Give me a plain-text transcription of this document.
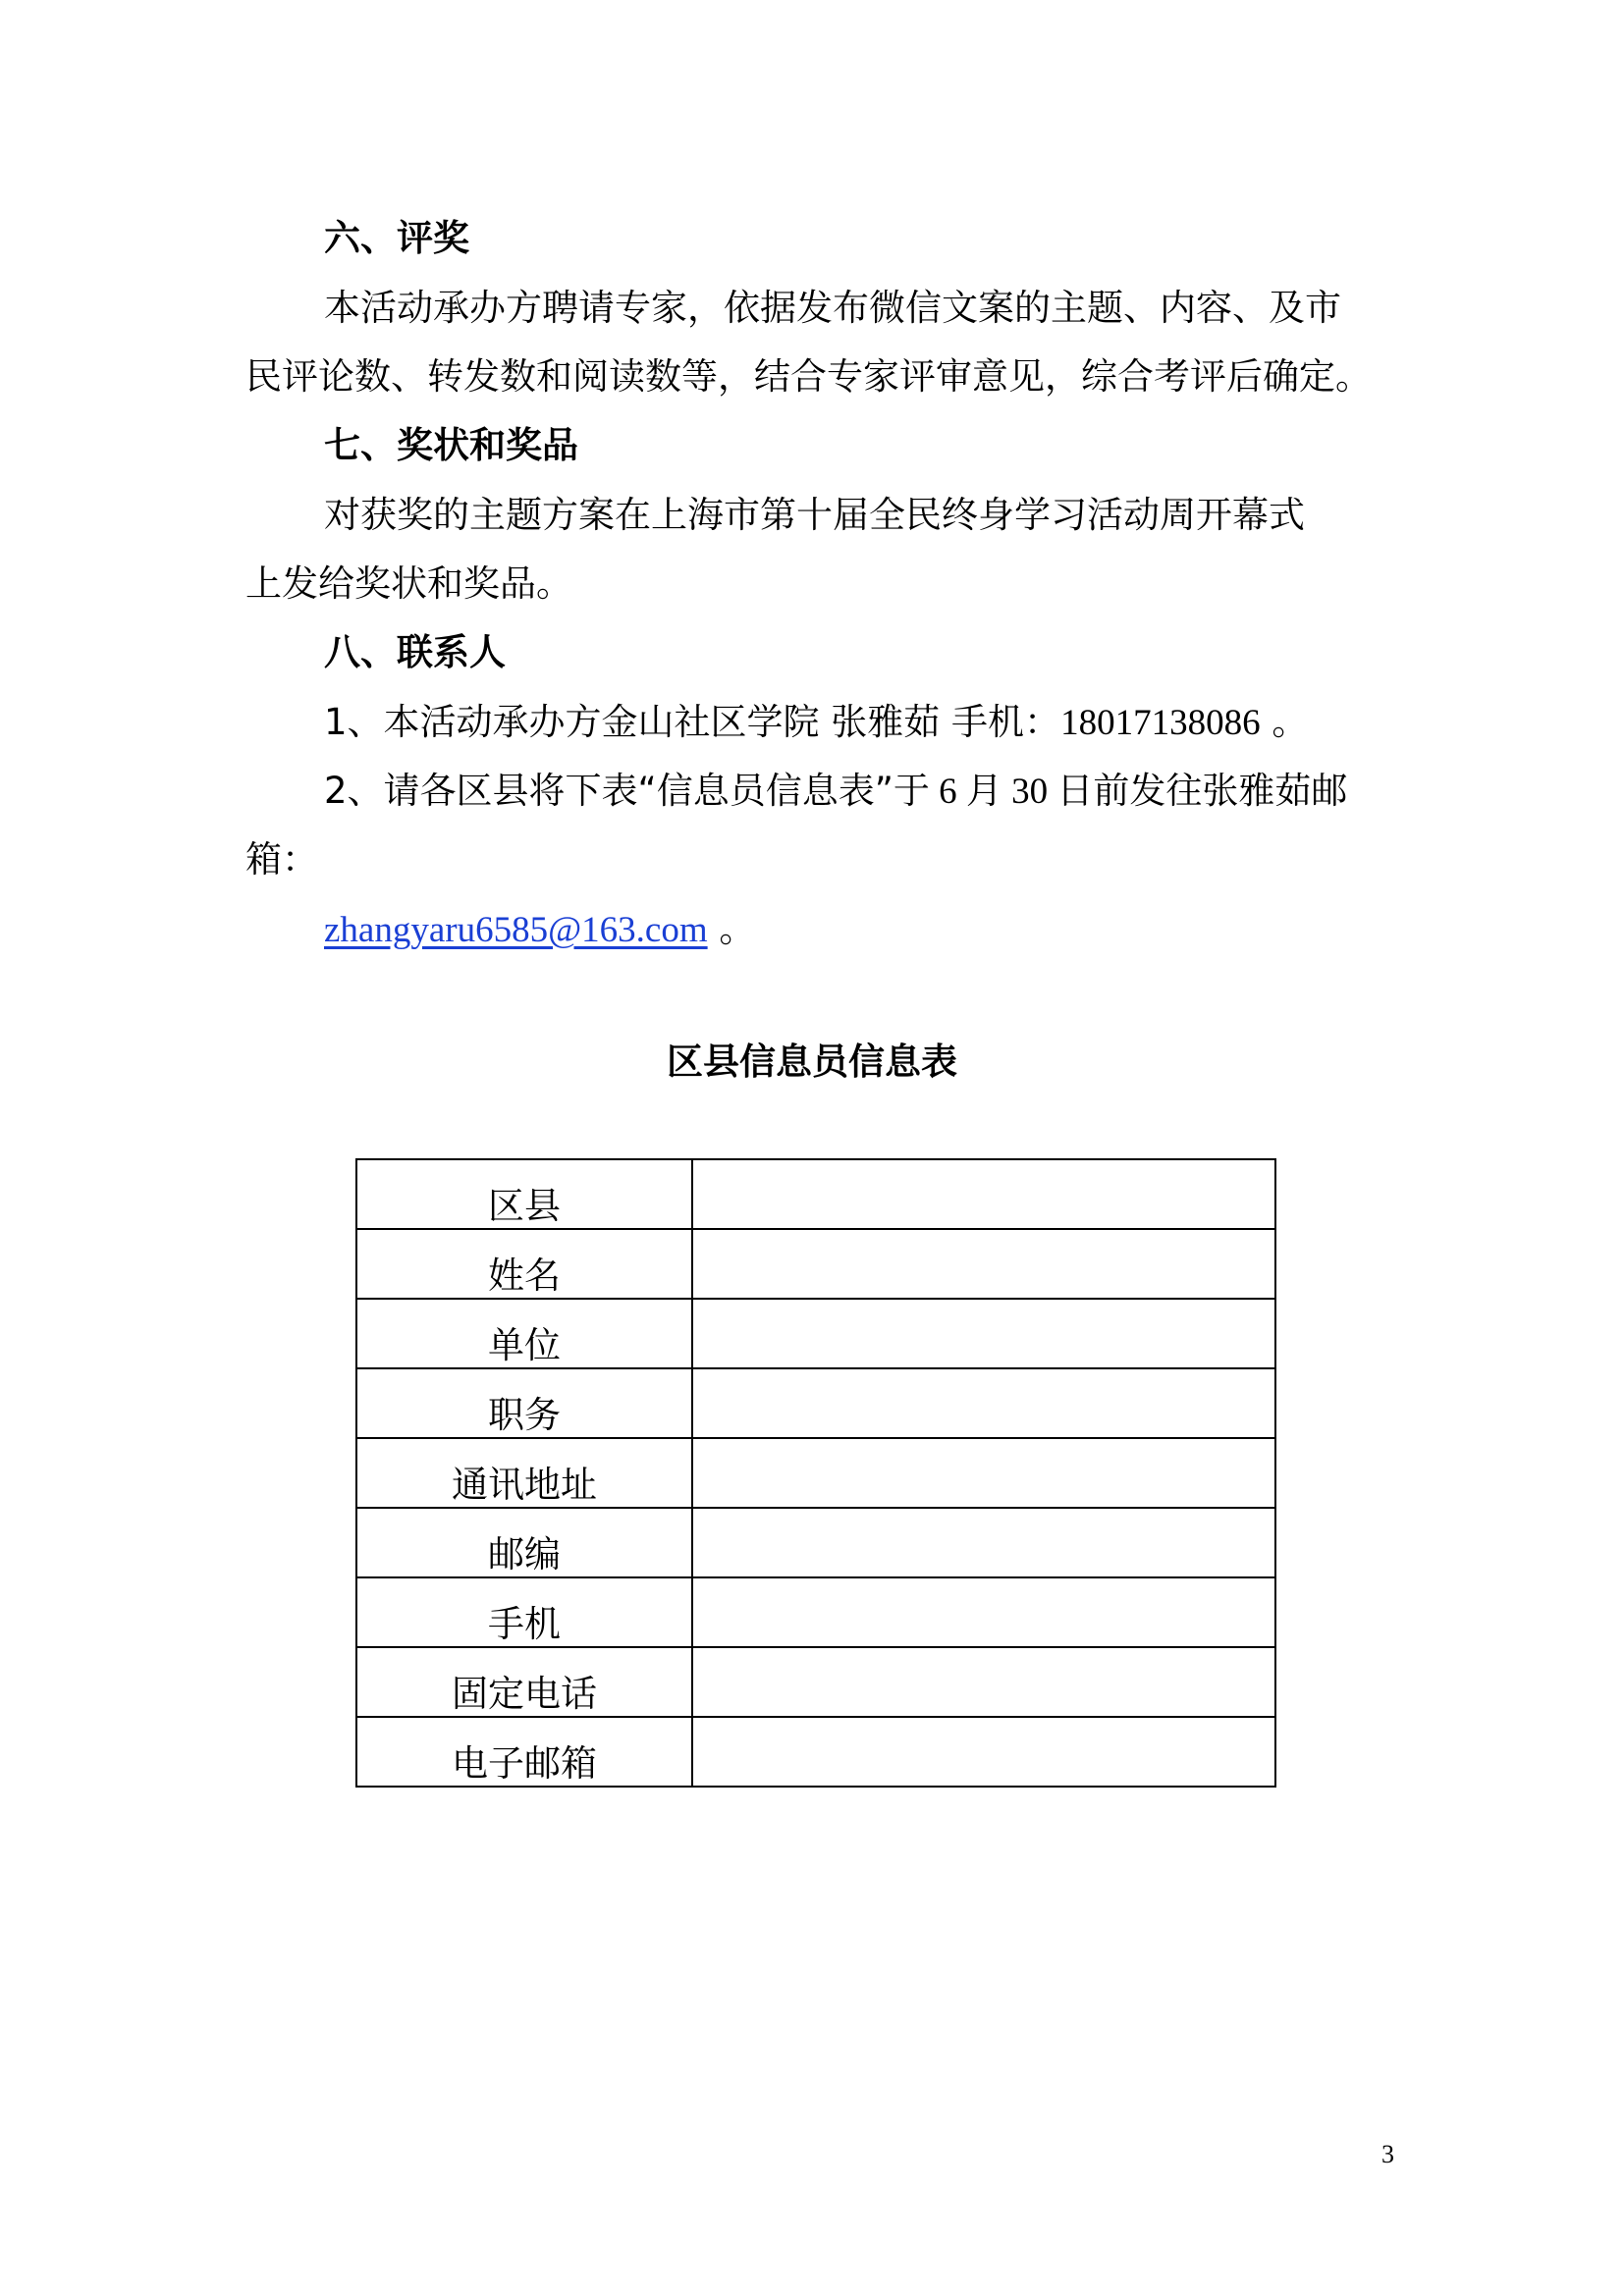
六、评奖
本活动承办方聘请专家，依据发布微信文案的主题、内容、及市
民评论数、转发数和阅读数等，结合专家评审意见，综合考评后确定。
七、奖状和奖品
对获奖的主题方案在上海市第十届全民终身学习活动周开幕式
上发给奖状和奖品。
八、联系人
1、本活动承办方金山社区学院 张雅茹 手机：18017138086 。
2、请各区县将下表“信息员信息表”于 6 月 30 日前发往张雅茹邮
箱：
zhangyaru6585@163.com 。
区县信息员信息表
区县	
姓名	
单位	
职务	
通讯地址	
邮编	
手机	
固定电话	
电子邮箱	
3
